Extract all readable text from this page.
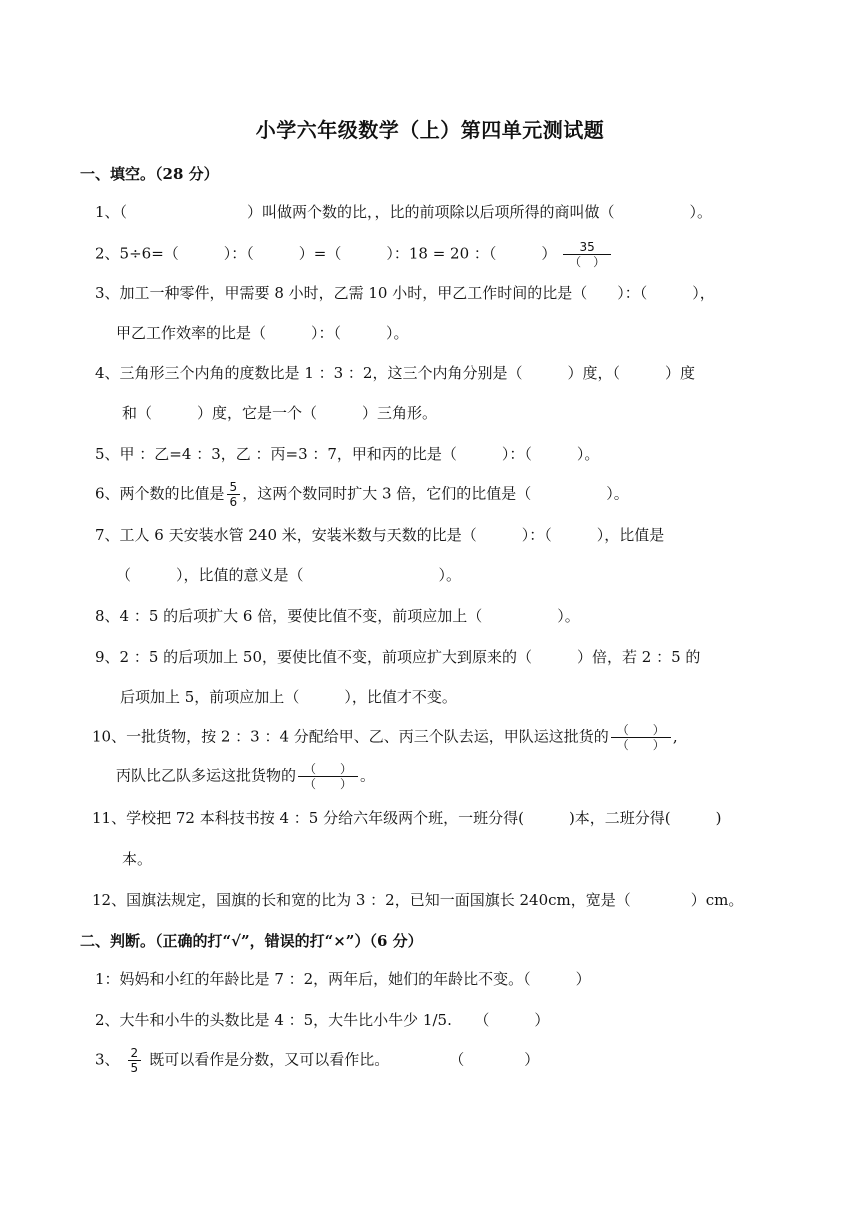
小学六年级数学（上）第四单元测试题
一、填空。（28 分）
1、（　　　　　　　　）叫做两个数的比，，比的前项除以后项所得的商叫做（　　　　　）。
2、5÷6=（　　　）：（　　　）=（　　　）：18 = 20 ：（　　　） $\frac{35}{( )}$
3、加工一种零件，甲需要 8 小时，乙需 10 小时，甲乙工作时间的比是（　　）：（　　　），
甲乙工作效率的比是（　　　）：（　　　）。
4、三角形三个内角的度数比是 1 ：3 ：2，这三个内角分别是（　　　）度，（　　　）度
和（　　　）度，它是一个（　　　）三角形。
5、甲 ：乙=4 ：3，乙 ：丙=3 ：7，甲和丙的比是（　　　）：（　　　）。
6、两个数的比值是 $\frac{5}{6}$ ，这两个数同时扩大 3 倍，它们的比值是（　　　　　）。
7、工人 6 天安装水管 240 米，安装米数与天数的比是（　　　）：（　　　），比值是
（　　　），比值的意义是（　　　　　　　　　）。
8、4 ：5 的后项扩大 6 倍，要使比值不变，前项应加上（　　　　　）。
9、2 ：5 的后项加上 50，要使比值不变，前项应扩大到原来的（　　　）倍，若 2 ：5 的
后项加上 5，前项应加上（　　　），比值才不变。
10、一批货物，按 2 ：3 ：4 分配给甲、乙、丙三个队去运，甲队运这批货的 $\frac{( )}{( )}$ ,
丙队比乙队多运这批货物的 $\frac{( )}{( )}$ 。
11、学校把 72 本科技书按 4 ：5 分给六年级两个班，一班分得(　　　)本，二班分得(　　　)
本。
12、国旗法规定，国旗的长和宽的比为 3 ：2，已知一面国旗长 240cm，宽是（　　　　）cm。
二、判断。（正确的打“√”，错误的打“×”）（6 分）
1：妈妈和小红的年龄比是 7 ：2，两年后，她们的年龄比不变。（　　　）
2、大牛和小牛的头数比是 4 ：5，大牛比小牛少 1/5.　　（　　　）
3、 $\frac{2}{5}$ 既可以看作是分数，又可以看作比。　　　　　（　　　　）
